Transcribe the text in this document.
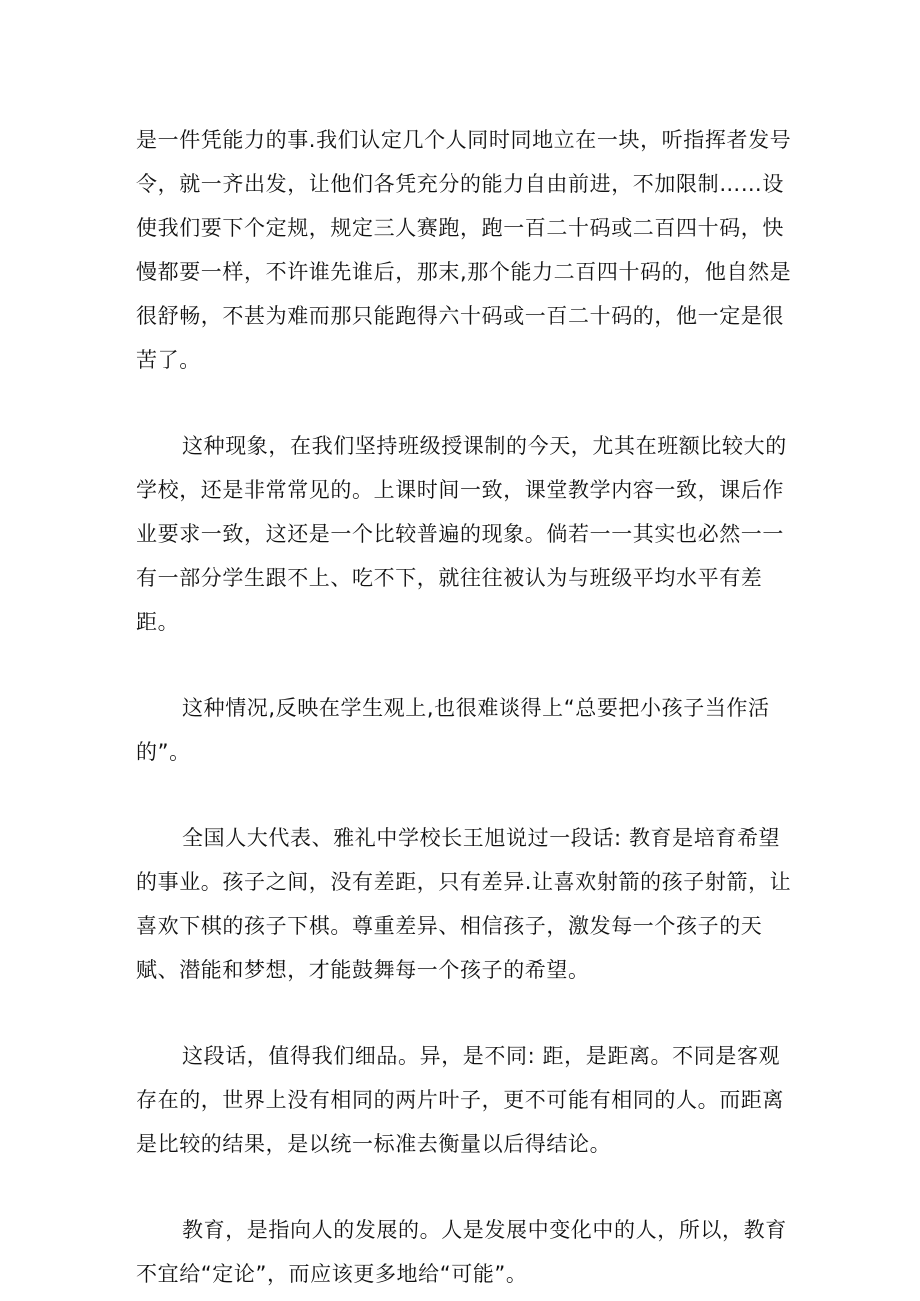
是一件凭能力的事.我们认定几个人同时同地立在一块，听指挥者发号令，就一齐出发，让他们各凭充分的能力自由前进，不加限制……设使我们要下个定规，规定三人赛跑，跑一百二十码或二百四十码，快慢都要一样，不许谁先谁后，那末,那个能力二百四十码的，他自然是很舒畅，不甚为难而那只能跑得六十码或一百二十码的，他一定是很苦了。

这种现象，在我们坚持班级授课制的今天，尤其在班额比较大的学校，还是非常常见的。上课时间一致，课堂教学内容一致，课后作业要求一致，这还是一个比较普遍的现象。倘若一一其实也必然一一有一部分学生跟不上、吃不下，就往往被认为与班级平均水平有差距。

这种情况,反映在学生观上,也很难谈得上“总要把小孩子当作活的”。

全国人大代表、雅礼中学校长王旭说过一段话: 教育是培育希望的事业。孩子之间，没有差距，只有差异.让喜欢射箭的孩子射箭，让喜欢下棋的孩子下棋。尊重差异、相信孩子，激发每一个孩子的天赋、潜能和梦想，才能鼓舞每一个孩子的希望。

这段话，值得我们细品。异，是不同: 距，是距离。不同是客观存在的，世界上没有相同的两片叶子，更不可能有相同的人。而距离是比较的结果，是以统一标准去衡量以后得结论。

教育，是指向人的发展的。人是发展中变化中的人，所以，教育不宜给“定论”，而应该更多地给“可能”。
